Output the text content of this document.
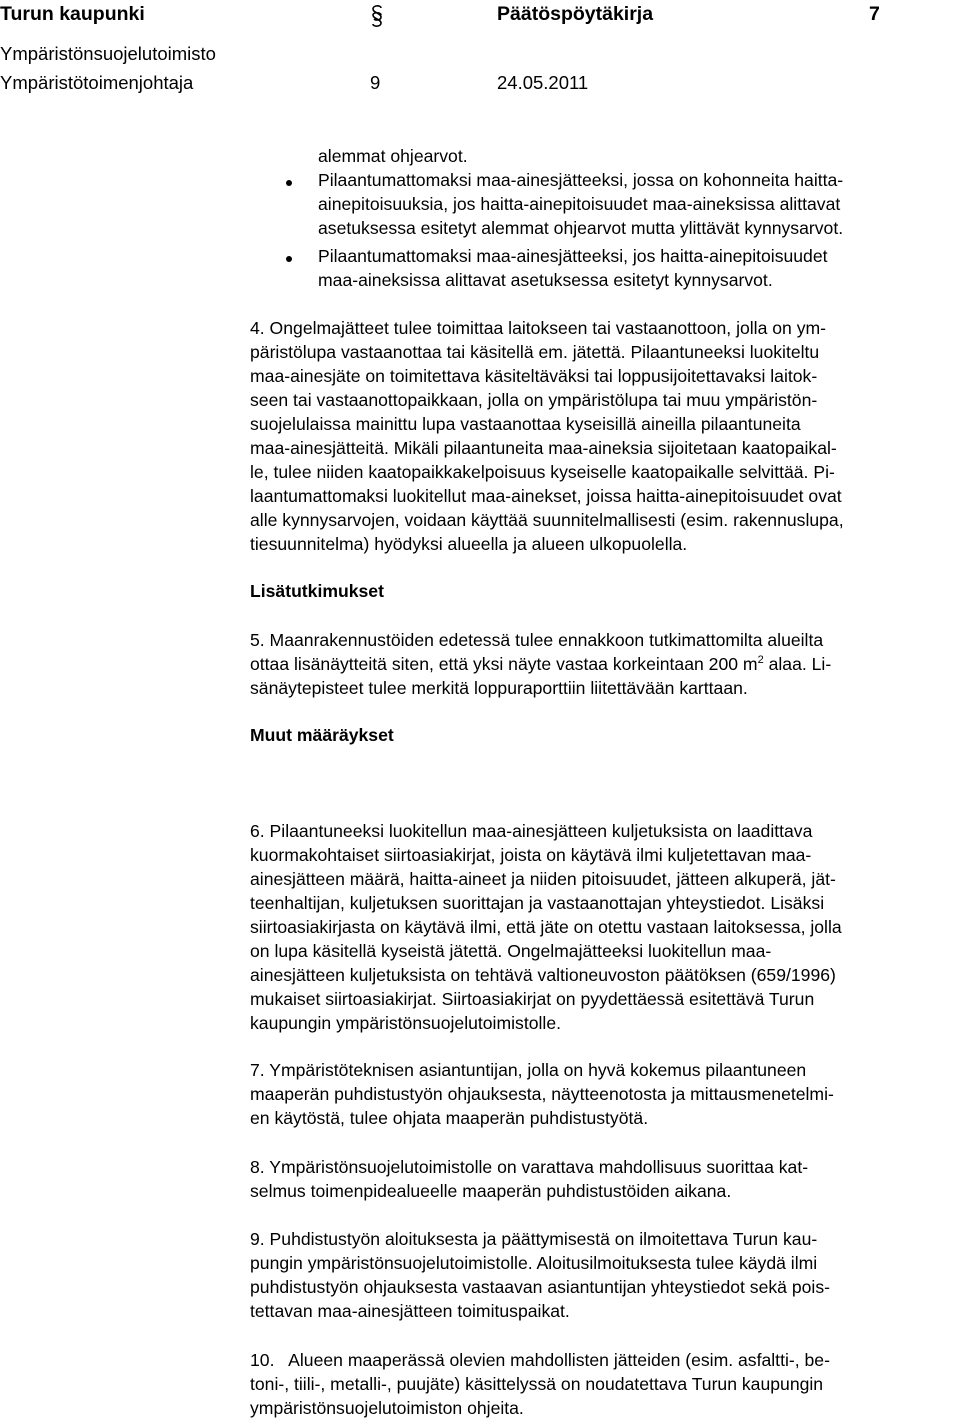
Turun kaupunki	Päätöspöytäkirja	7
Ympäristönsuojelutoimisto
Ympäristötoimenjohtaja	9	24.05.2011
alemmat ohjearvot.
Pilaantumattomaksi maa-ainesjätteeksi, jossa on kohonneita haitta-
ainepitoisuuksia, jos haitta-ainepitoisuudet maa-aineksissa alittavat
asetuksessa esitetyt alemmat ohjearvot mutta ylittävät kynnysarvot.
Pilaantumattomaksi maa-ainesjätteeksi, jos haitta-ainepitoisuudet
maa-aineksissa alittavat asetuksessa esitetyt kynnysarvot.
4. Ongelmajätteet tulee toimittaa laitokseen tai vastaanottoon, jolla on ym-
päristölupa vastaanottaa tai käsitellä em. jätettä. Pilaantuneeksi luokiteltu
maa-ainesjäte on toimitettava käsiteltäväksi tai loppusijoitettavaksi laitok-
seen tai vastaanottopaikkaan, jolla on ympäristölupa tai muu ympäristön-
suojelulaissa mainittu lupa vastaanottaa kyseisillä aineilla pilaantuneita
maa-ainesjätteitä. Mikäli pilaantuneita maa-aineksia sijoitetaan kaatopaikal-
le, tulee niiden kaatopaikkakelpoisuus kyseiselle kaatopaikalle selvittää. Pi-
laantumattomaksi luokitellut maa-ainekset, joissa haitta-ainepitoisuudet ovat
alle kynnysarvojen, voidaan käyttää suunnitelmallisesti (esim. rakennuslupa,
tiesuunnitelma) hyödyksi alueella ja alueen ulkopuolella.
Lisätutkimukset
5. Maanrakennustöiden edetessä tulee ennakkoon tutkimattomilta alueilta
ottaa lisänäytteitä siten, että yksi näyte vastaa korkeintaan 200 $m^2$ alaa. Li-
sänäytepisteet tulee merkitä loppuraporttiin liitettävään karttaan.
Muut määräykset
6. Pilaantuneeksi luokitellun maa-ainesjätteen kuljetuksista on laadittava
kuormakohtaiset siirtoasiakirjat, joista on käytävä ilmi kuljetettavan maa-
ainesjätteen määrä, haitta-aineet ja niiden pitoisuudet, jätteen alkuperä, jät-
teenhaltijan, kuljetuksen suorittajan ja vastaanottajan yhteystiedot. Lisäksi
siirtoasiakirjasta on käytävä ilmi, että jäte on otettu vastaan laitoksessa, jolla
on lupa käsitellä kyseistä jätettä. Ongelmajätteeksi luokitellun maa-
ainesjätteen kuljetuksista on tehtävä valtioneuvoston päätöksen (659/1996)
mukaiset siirtoasiakirjat. Siirtoasiakirjat on pyydettäessä esitettävä Turun
kaupungin ympäristönsuojelutoimistolle.
7. Ympäristöteknisen asiantuntijan, jolla on hyvä kokemus pilaantuneen
maaperän puhdistustyön ohjauksesta, näytteenotosta ja mittausmenetelmi-
en käytöstä, tulee ohjata maaperän puhdistustyötä.
8. Ympäristönsuojelutoimistolle on varattava mahdollisuus suorittaa kat-
selmus toimenpidealueelle maaperän puhdistustöiden aikana.
9. Puhdistustyön aloituksesta ja päättymisestä on ilmoitettava Turun kau-
pungin ympäristönsuojelutoimistolle. Aloitusilmoituksesta tulee käydä ilmi
puhdistustyön ohjauksesta vastaavan asiantuntijan yhteystiedot sekä pois-
tettavan maa-ainesjätteen toimituspaikat.
10.   Alueen maaperässä olevien mahdollisten jätteiden (esim. asfaltti-, be-
toni-, tiili-, metalli-, puujäte) käsittelyssä on noudatettava Turun kaupungin
ympäristönsuojelutoimiston ohjeita.
